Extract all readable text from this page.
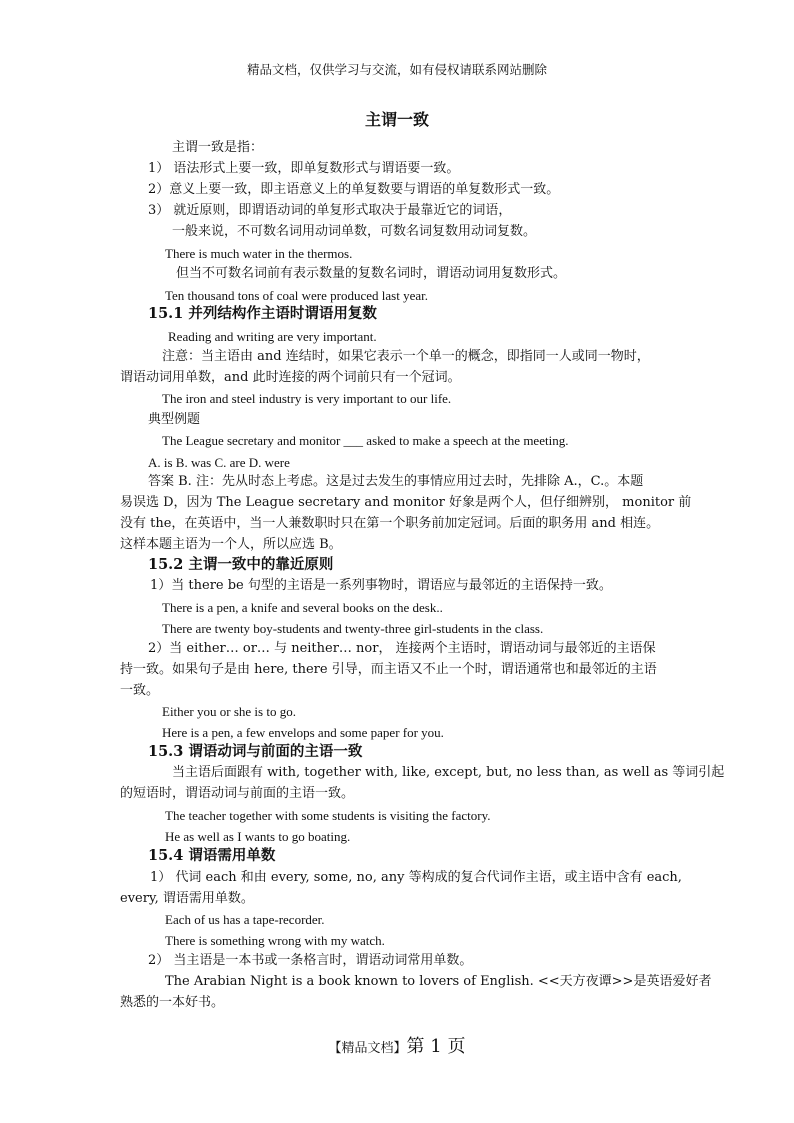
精品文档，仅供学习与交流，如有侵权请联系网站删除
主谓一致
主谓一致是指：
1） 语法形式上要一致，即单复数形式与谓语要一致。
2）意义上要一致，即主语意义上的单复数要与谓语的单复数形式一致。
3） 就近原则，即谓语动词的单复形式取决于最靠近它的词语，
一般来说，不可数名词用动词单数，可数名词复数用动词复数。
There is much water in the thermos.
但当不可数名词前有表示数量的复数名词时，谓语动词用复数形式。
Ten thousand tons of coal were produced last year.
15.1 并列结构作主语时谓语用复数
Reading and writing are very important.
注意：当主语由 and 连结时，如果它表示一个单一的概念，即指同一人或同一物时，
谓语动词用单数，and 此时连接的两个词前只有一个冠词。
The iron and steel industry is very important to our life.
典型例题
The League secretary and monitor ___ asked to make a speech at the meeting.
A. is B. was C. are D. were
答案 B. 注：先从时态上考虑。这是过去发生的事情应用过去时，先排除 A.，C.。本题
易误选 D，因为 The League secretary and monitor 好象是两个人，但仔细辨别， monitor 前
没有 the，在英语中，当一人兼数职时只在第一个职务前加定冠词。后面的职务用 and 相连。
这样本题主语为一个人，所以应选 B。
15.2 主谓一致中的靠近原则
1）当 there be 句型的主语是一系列事物时，谓语应与最邻近的主语保持一致。
There is a pen, a knife and several books on the desk..
There are twenty boy-students and twenty-three girl-students in the class.
2）当 either… or… 与 neither… nor， 连接两个主语时，谓语动词与最邻近的主语保
持一致。如果句子是由 here, there 引导，而主语又不止一个时，谓语通常也和最邻近的主语
一致。
Either you or she is to go.
Here is a pen, a few envelops and some paper for you.
15.3 谓语动词与前面的主语一致
当主语后面跟有 with, together with, like, except, but, no less than, as well as 等词引起
的短语时，谓语动词与前面的主语一致。
The teacher together with some students is visiting the factory.
He as well as I wants to go boating.
15.4 谓语需用单数
1） 代词 each 和由 every, some, no, any 等构成的复合代词作主语，或主语中含有 each,
every, 谓语需用单数。
Each of us has a tape-recorder.
There is something wrong with my watch.
2） 当主语是一本书或一条格言时，谓语动词常用单数。
The Arabian Night is a book known to lovers of English. <<天方夜谭>>是英语爱好者
熟悉的一本好书。
【精品文档】第 1 页
